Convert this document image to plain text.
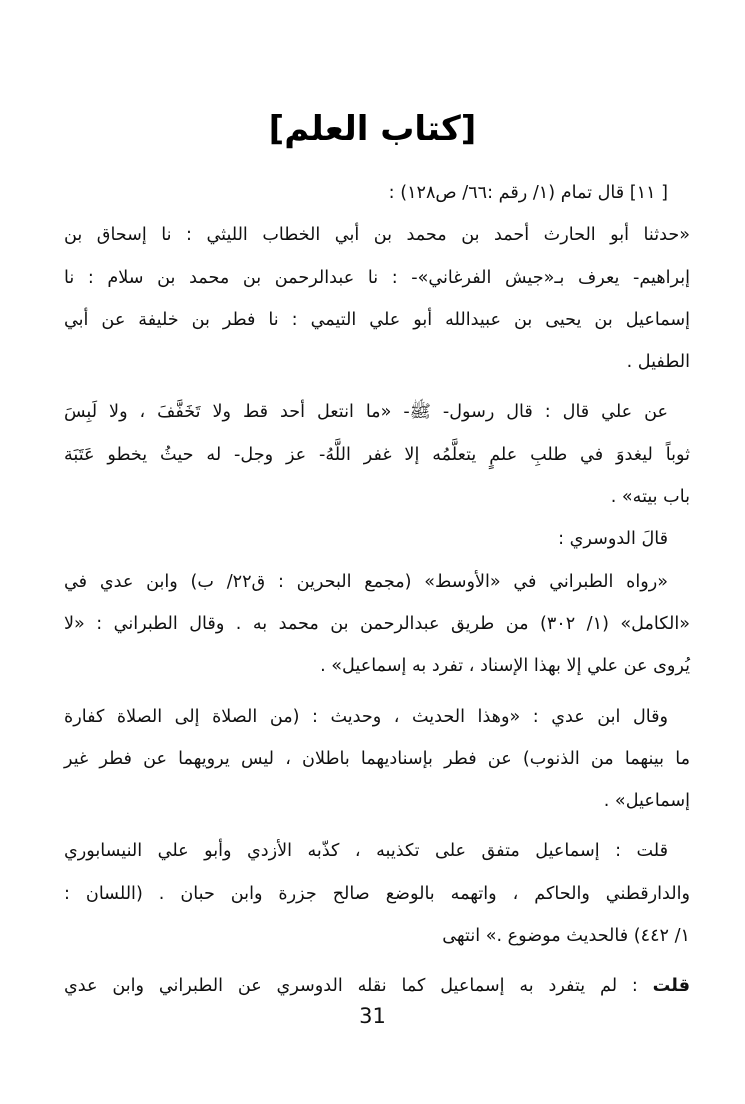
[كتاب العلم]
[ ١١] قال تمام (١/ رقم :٦٦/ ص١٢٨) :
«حدثنا أبو الحارث أحمد بن محمد بن أبي الخطاب الليثي : نا إسحاق بن
إبراهيم- يعرف بـ«جيش الفرغاني»- : نا عبدالرحمن بن محمد بن سلام : نا
إسماعيل بن يحيى بن عبيدالله أبو علي التيمي : نا فطر بن خليفة عن أبي
الطفيل .
عن علي قال : قال رسول- ﷺ- «ما انتعل أحد قط ولا تَخَفَّفَ ، ولا لَبِسَ
ثوباً ليغدوَ في طلبِ علمٍ يتعلَّمُه إلا غفر اللَّهُ- عز وجل- له حيثُ يخطو عَتَبَة
باب بيته» .
قالَ الدوسري :
«رواه الطبراني في «الأوسط» (مجمع البحرين : ق٢٢/ ب) وابن عدي في
«الكامل» (١/ ٣٠٢) من طريق عبدالرحمن بن محمد به . وقال الطبراني : «لا
يُروى عن علي إلا بهذا الإسناد ، تفرد به إسماعيل» .
وقال ابن عدي : «وهذا الحديث ، وحديث : (من الصلاة إلى الصلاة كفارة
ما بينهما من الذنوب) عن فطر بإسناديهما باطلان ، ليس يرويهما عن فطر غير
إسماعيل» .
قلت : إسماعيل متفق على تكذيبه ، كذّبه الأزدي وأبو علي النيسابوري
والدارقطني والحاكم ، واتهمه بالوضع صالح جزرة وابن حبان . (اللسان :
١/ ٤٤٢) فالحديث موضوع .» انتهى
قلت : لم يتفرد به إسماعيل كما نقله الدوسري عن الطبراني وابن عدي
31
